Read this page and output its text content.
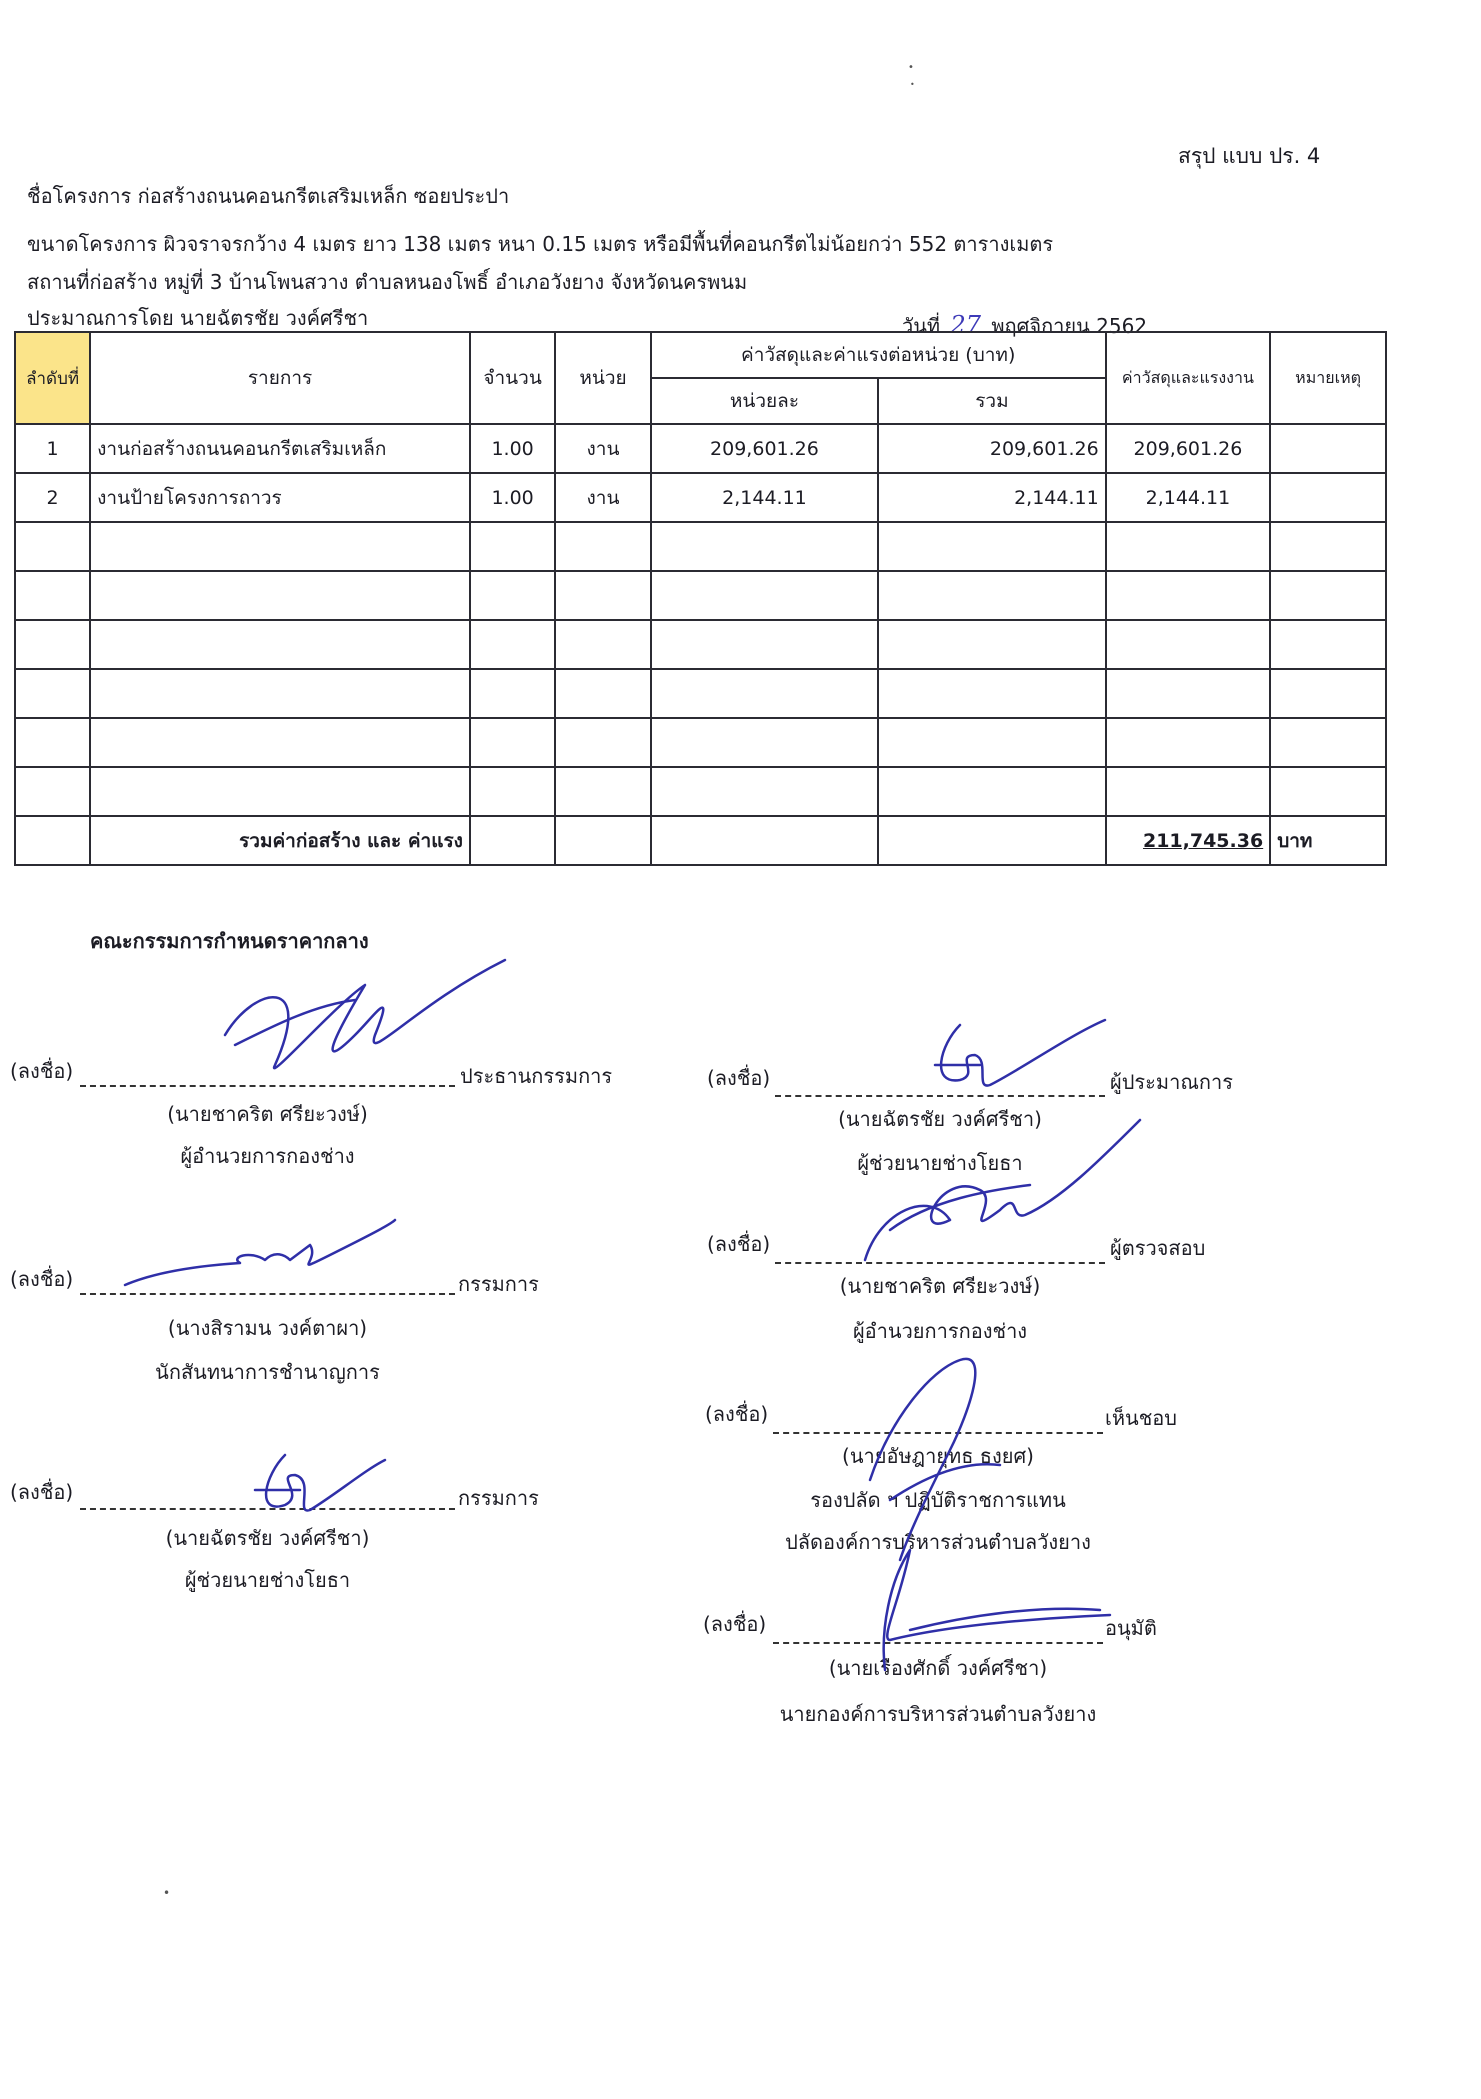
สรุป แบบ ปร. 4
ชื่อโครงการ ก่อสร้างถนนคอนกรีตเสริมเหล็ก ซอยประปา
ขนาดโครงการ ผิวจราจรกว้าง 4 เมตร ยาว 138 เมตร หนา 0.15 เมตร หรือมีพื้นที่คอนกรีตไม่น้อยกว่า 552 ตารางเมตร
สถานที่ก่อสร้าง หมู่ที่ 3 บ้านโพนสวาง ตำบลหนองโพธิ์ อำเภอวังยาง จังหวัดนครพนม
ประมาณการโดย นายฉัตรชัย วงค์ศรีชา	วันที่ 27 พฤศจิกายน 2562
ลำดับที่	รายการ	จำนวน	หน่วย	ค่าวัสดุและค่าแรงต่อหน่วย (บาท)		ค่าวัสดุและแรงงาน	หมายเหตุ
				หน่วยละ	รวม		
1	งานก่อสร้างถนนคอนกรีตเสริมเหล็ก	1.00	งาน	209,601.26	209,601.26	209,601.26	
2	งานป้ายโครงการถาวร	1.00	งาน	2,144.11	2,144.11	2,144.11	

	รวมค่าก่อสร้าง และ ค่าแรง					211,745.36	บาท
คณะกรรมการกำหนดราคากลาง
(ลงชื่อ)	ประธานกรรมการ
(นายชาคริต ศรียะวงษ์)
ผู้อำนวยการกองช่าง
(ลงชื่อ)	กรรมการ
(นางสิรามน วงค์ตาผา)
นักสันทนาการชำนาญการ
(ลงชื่อ)	กรรมการ
(นายฉัตรชัย วงค์ศรีชา)
ผู้ช่วยนายช่างโยธา
(ลงชื่อ)	ผู้ประมาณการ
(นายฉัตรชัย วงค์ศรีชา)
ผู้ช่วยนายช่างโยธา
(ลงชื่อ)	ผู้ตรวจสอบ
(นายชาคริต ศรียะวงษ์)
ผู้อำนวยการกองช่าง
(ลงชื่อ)	เห็นชอบ
(นายอัษฎายุทธ ธงยศ)
รองปลัด ฯ ปฏิบัติราชการแทน
ปลัดองค์การบริหารส่วนตำบลวังยาง
(ลงชื่อ)	อนุมัติ
(นายเรืองศักดิ์ วงค์ศรีชา)
นายกองค์การบริหารส่วนตำบลวังยาง
•
•
•
